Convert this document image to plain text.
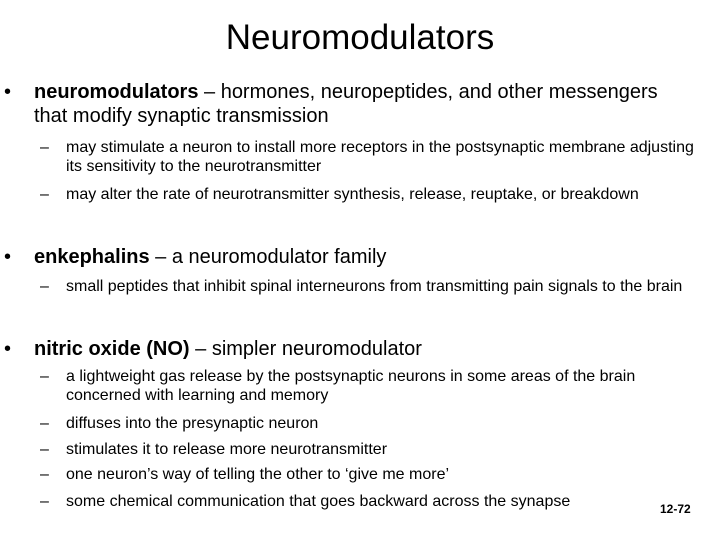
Neuromodulators
• neuromodulators – hormones, neuropeptides, and other messengers that modify synaptic transmission
– may stimulate a neuron to install more receptors in the postsynaptic membrane adjusting its sensitivity to the neurotransmitter
– may alter the rate of neurotransmitter synthesis, release, reuptake, or breakdown
• enkephalins – a neuromodulator family
– small peptides that inhibit spinal interneurons from transmitting pain signals to the brain
• nitric oxide (NO) – simpler neuromodulator
– a lightweight gas release by the postsynaptic neurons in some areas of the brain concerned with learning and memory
– diffuses into the presynaptic neuron
– stimulates it to release more neurotransmitter
– one neuron’s way of telling the other to ‘give me more’
– some chemical communication that goes backward across the synapse	12-72
